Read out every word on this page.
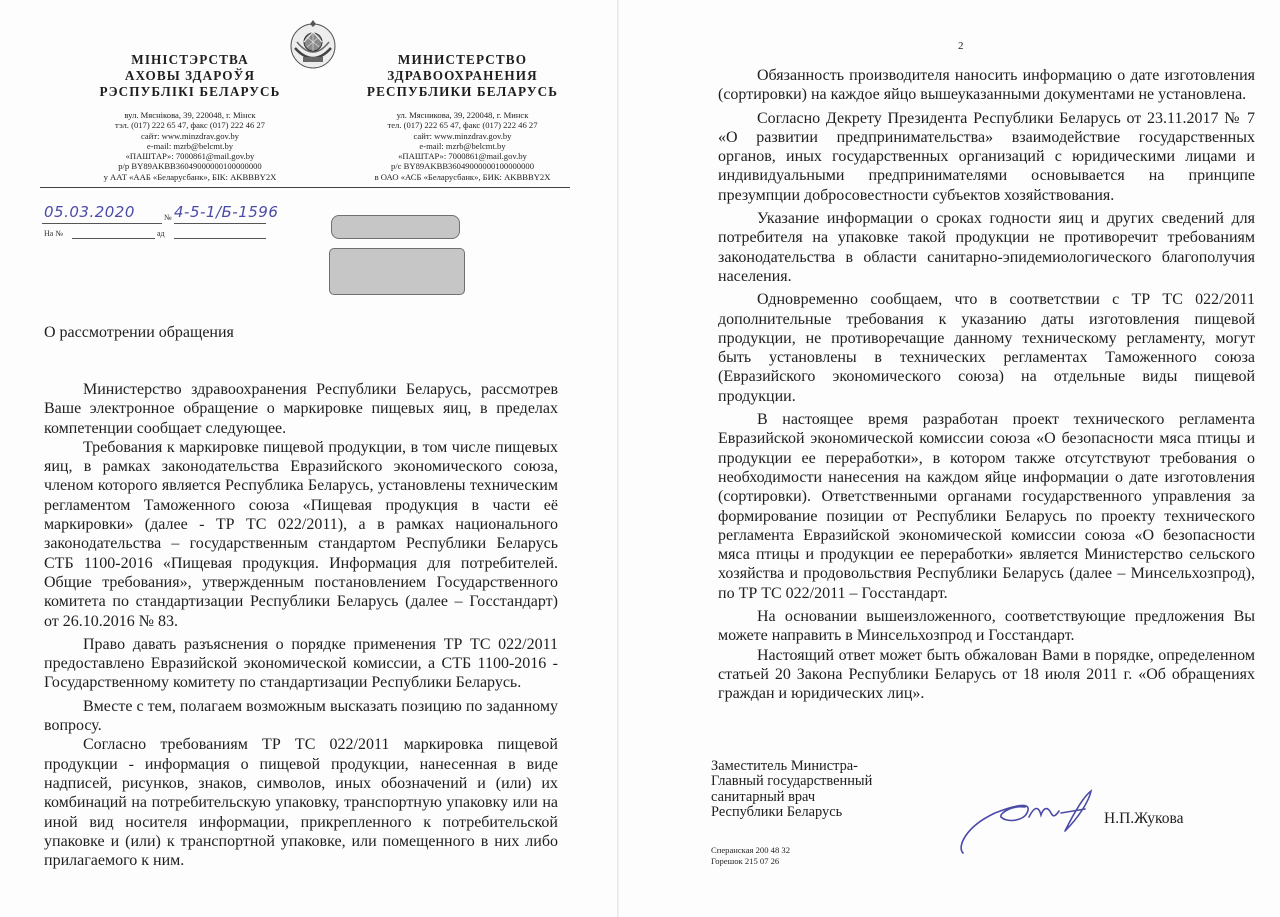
МІНІСТЭРСТВА
АХОВЫ ЗДАРОЎЯ
РЭСПУБЛІКІ БЕЛАРУСЬ
вул. Мяснікова, 39, 220048, г. Мінск
тэл. (017) 222 65 47, факс (017) 222 46 27
сайт: www.minzdrav.gov.by
e-mail: mzrb@belcmt.by
«ПАШТАР»: 7000861@mail.gov.by
р/р BY89AKBB36049000000100000000
у ААТ «ААБ «Беларусбанк», БІК: AKBBBY2X
МИНИСТЕРСТВО
ЗДРАВООХРАНЕНИЯ
РЕСПУБЛИКИ БЕЛАРУСЬ
ул. Мясникова, 39, 220048, г. Минск
тел. (017) 222 65 47, факс (017) 222 46 27
сайт: www.minzdrav.gov.by
e-mail: mzrb@belcmt.by
«ПАШТАР»: 7000861@mail.gov.by
р/с BY89AKBB36049000000100000000
в ОАО «АСБ «Беларусбанк», БИК: AKBBBY2X
05.03.2020	№ 4-5-1/Б-1596
На №	ад
О рассмотрении обращения

Министерство здравоохранения Республики Беларусь, рассмотрев Ваше электронное обращение о маркировке пищевых яиц, в пределах компетенции сообщает следующее.

Требования к маркировке пищевой продукции, в том числе пищевых яиц, в рамках законодательства Евразийского экономического союза, членом которого является Республика Беларусь, установлены техническим регламентом Таможенного союза «Пищевая продукция в части её маркировки» (далее - ТР ТС 022/2011), а в рамках национального законодательства – государственным стандартом Республики Беларусь СТБ 1100-2016 «Пищевая продукция. Информация для потребителей. Общие требования», утвержденным постановлением Государственного комитета по стандартизации Республики Беларусь (далее – Госстандарт) от 26.10.2016 № 83.

Право давать разъяснения о порядке применения ТР ТС 022/2011 предоставлено Евразийской экономической комиссии, а СТБ 1100-2016 - Государственному комитету по стандартизации Республики Беларусь.

Вместе с тем, полагаем возможным высказать позицию по заданному вопросу.

Согласно требованиям ТР ТС 022/2011 маркировка пищевой продукции - информация о пищевой продукции, нанесенная в виде надписей, рисунков, знаков, символов, иных обозначений и (или) их комбинаций на потребительскую упаковку, транспортную упаковку или на иной вид носителя информации, прикрепленного к потребительской упаковке и (или) к транспортной упаковке, или помещенного в них либо прилагаемого к ним.

2

Обязанность производителя наносить информацию о дате изготовления (сортировки) на каждое яйцо вышеуказанными документами не установлена.

Согласно Декрету Президента Республики Беларусь от 23.11.2017 № 7 «О развитии предпринимательства» взаимодействие государственных органов, иных государственных организаций с юридическими лицами и индивидуальными предпринимателями основывается на принципе презумпции добросовестности субъектов хозяйствования.

Указание информации о сроках годности яиц и других сведений для потребителя на упаковке такой продукции не противоречит требованиям законодательства в области санитарно-эпидемиологического благополучия населения.

Одновременно сообщаем, что в соответствии с ТР ТС 022/2011 дополнительные требования к указанию даты изготовления пищевой продукции, не противоречащие данному техническому регламенту, могут быть установлены в технических регламентах Таможенного союза (Евразийского экономического союза) на отдельные виды пищевой продукции.

В настоящее время разработан проект технического регламента Евразийской экономической комиссии союза «О безопасности мяса птицы и продукции ее переработки», в котором также отсутствуют требования о необходимости нанесения на каждом яйце информации о дате изготовления (сортировки). Ответственными органами государственного управления за формирование позиции от Республики Беларусь по проекту технического регламента Евразийской экономической комиссии союза «О безопасности мяса птицы и продукции ее переработки» является Министерство сельского хозяйства и продовольствия Республики Беларусь (далее – Минсельхозпрод), по ТР ТС 022/2011 – Госстандарт.

На основании вышеизложенного, соответствующие предложения Вы можете направить в Минсельхозпрод и Госстандарт.

Настоящий ответ может быть обжалован Вами в порядке, определенном статьей 20 Закона Республики Беларусь от 18 июля 2011 г. «Об обращениях граждан и юридических лиц».

Заместитель Министра-
Главный государственный
санитарный врач
Республики Беларусь	Н.П.Жукова
Сперанская 200 48 32
Горешок 215 07 26
